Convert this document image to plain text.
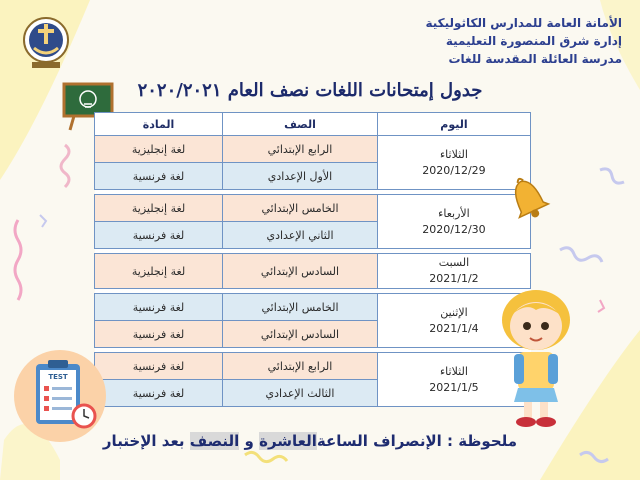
الأمانة العامة للمدارس الكاثوليكية
إدارة شرق المنصورة التعليمية
مدرسة العائلة المقدسة للغات
جدول إمتحانات اللغات نصف العام ٢٠٢٠/٢٠٢١
اليوم	الصف	المادة
الثلاثاء
2020/12/29	الرابع الإبتدائي	لغة إنجليزية
	الأول الإعدادي	لغة فرنسية

الأربعاء
2020/12/30	الخامس الإبتدائي	لغة إنجليزية
	الثاني الإعدادي	لغة فرنسية

السبت
2021/1/2	السادس الإبتدائي	لغة إنجليزية

الإثنين
2021/1/4	الخامس الإبتدائي	لغة فرنسية
	السادس الإبتدائي	لغة فرنسية

الثلاثاء
2021/1/5	الرابع الإبتدائي	لغة فرنسية
	الثالث الإعدادي	لغة فرنسية
TEST
ملحوظة : الإنصراف الساعةالعاشرة و النصف بعد الإختبار
